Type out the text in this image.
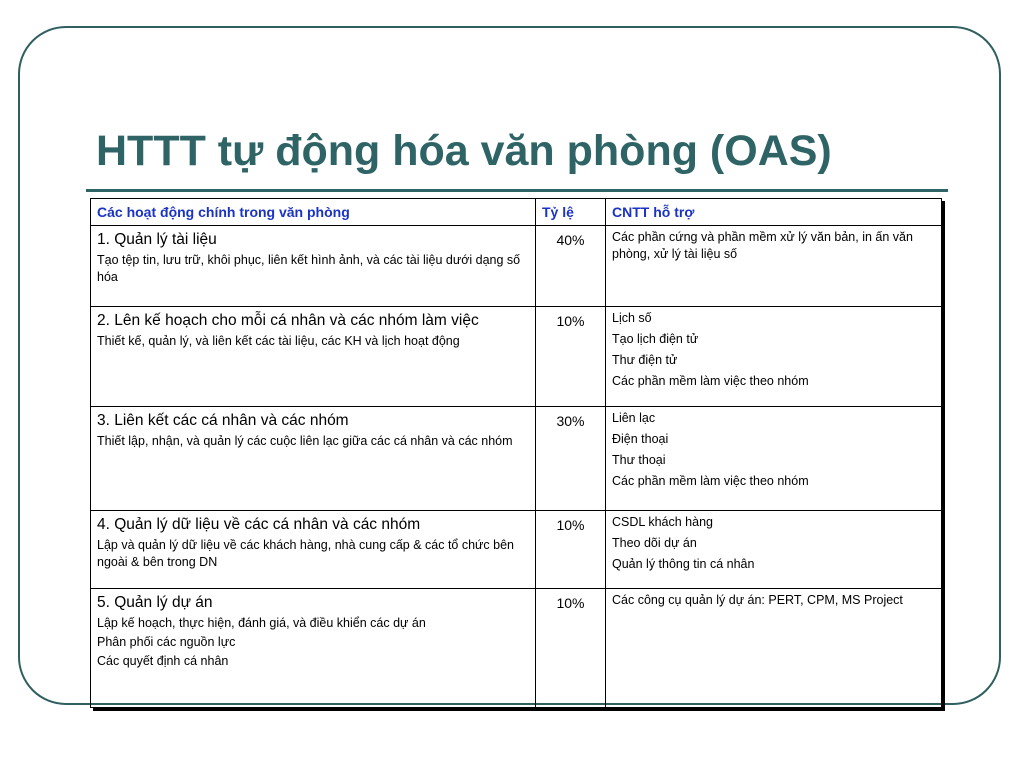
HTTT tự động hóa văn phòng (OAS)
Các hoạt động chính trong văn phòng	Tỷ lệ	CNTT hỗ trợ

1. Quản lý tài liệu
Tạo tệp tin, lưu trữ, khôi phục, liên kết hình ảnh, và các tài liệu dưới dạng số hóa	40%	Các phần cứng và phần mềm xử lý văn bản, in ấn văn phòng, xử lý tài liệu số

2. Lên kế hoạch cho mỗi cá nhân và các nhóm làm việc
Thiết kế, quản lý, và liên kết các tài liệu, các KH và lịch hoạt động	10%	Lịch số
Tạo lịch điện tử
Thư điện tử
Các phần mềm làm việc theo nhóm

3. Liên kết các cá nhân và các nhóm
Thiết lập, nhận, và quản lý các cuộc liên lạc giữa các cá nhân và các nhóm	30%	Liên lạc
Điện thoại
Thư thoại
Các phần mềm làm việc theo nhóm

4. Quản lý dữ liệu về các cá nhân và các nhóm
Lập và quản lý dữ liệu về các khách hàng, nhà cung cấp & các tổ chức bên ngoài & bên trong DN	10%	CSDL khách hàng
Theo dõi dự án
Quản lý thông tin cá nhân

5. Quản lý dự án
Lập kế hoạch, thực hiện, đánh giá, và điều khiển các dự án
Phân phối các nguồn lực
Các quyết định cá nhân	10%	Các công cụ quản lý dự án: PERT, CPM, MS Project
